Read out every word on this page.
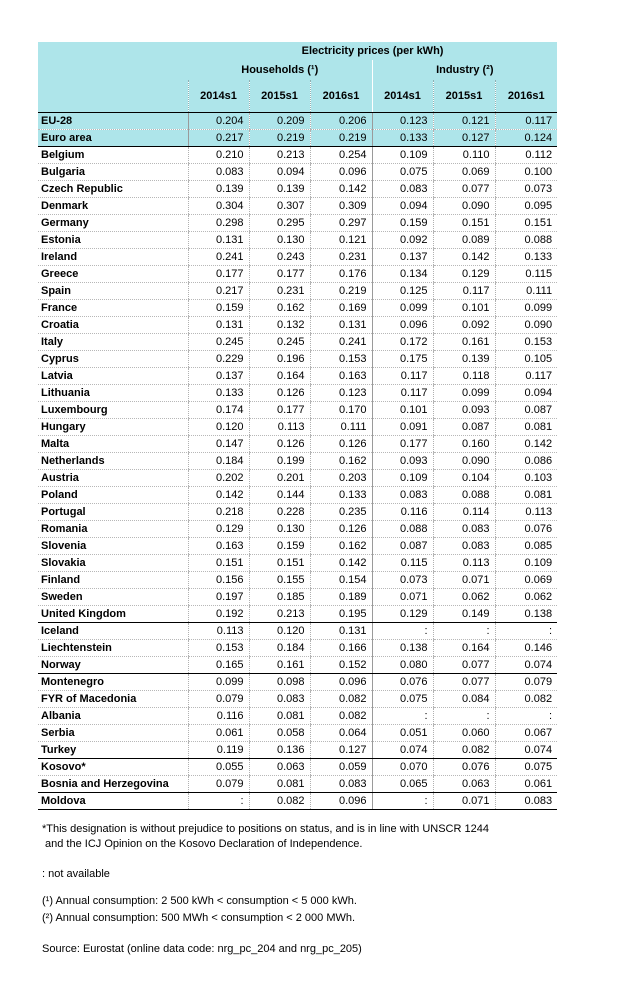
	Electricity prices (per kWh)					
	Households (¹)			Industry (²)		
	2014s1	2015s1	2016s1	2014s1	2015s1	2016s1
EU-28	0.204	0.209	0.206	0.123	0.121	0.117
Euro area	0.217	0.219	0.219	0.133	0.127	0.124
Belgium	0.210	0.213	0.254	0.109	0.110	0.112
Bulgaria	0.083	0.094	0.096	0.075	0.069	0.100
Czech Republic	0.139	0.139	0.142	0.083	0.077	0.073
Denmark	0.304	0.307	0.309	0.094	0.090	0.095
Germany	0.298	0.295	0.297	0.159	0.151	0.151
Estonia	0.131	0.130	0.121	0.092	0.089	0.088
Ireland	0.241	0.243	0.231	0.137	0.142	0.133
Greece	0.177	0.177	0.176	0.134	0.129	0.115
Spain	0.217	0.231	0.219	0.125	0.117	0.111
France	0.159	0.162	0.169	0.099	0.101	0.099
Croatia	0.131	0.132	0.131	0.096	0.092	0.090
Italy	0.245	0.245	0.241	0.172	0.161	0.153
Cyprus	0.229	0.196	0.153	0.175	0.139	0.105
Latvia	0.137	0.164	0.163	0.117	0.118	0.117
Lithuania	0.133	0.126	0.123	0.117	0.099	0.094
Luxembourg	0.174	0.177	0.170	0.101	0.093	0.087
Hungary	0.120	0.113	0.111	0.091	0.087	0.081
Malta	0.147	0.126	0.126	0.177	0.160	0.142
Netherlands	0.184	0.199	0.162	0.093	0.090	0.086
Austria	0.202	0.201	0.203	0.109	0.104	0.103
Poland	0.142	0.144	0.133	0.083	0.088	0.081
Portugal	0.218	0.228	0.235	0.116	0.114	0.113
Romania	0.129	0.130	0.126	0.088	0.083	0.076
Slovenia	0.163	0.159	0.162	0.087	0.083	0.085
Slovakia	0.151	0.151	0.142	0.115	0.113	0.109
Finland	0.156	0.155	0.154	0.073	0.071	0.069
Sweden	0.197	0.185	0.189	0.071	0.062	0.062
United Kingdom	0.192	0.213	0.195	0.129	0.149	0.138
Iceland	0.113	0.120	0.131	:	:	:
Liechtenstein	0.153	0.184	0.166	0.138	0.164	0.146
Norway	0.165	0.161	0.152	0.080	0.077	0.074
Montenegro	0.099	0.098	0.096	0.076	0.077	0.079
FYR of Macedonia	0.079	0.083	0.082	0.075	0.084	0.082
Albania	0.116	0.081	0.082	:	:	:
Serbia	0.061	0.058	0.064	0.051	0.060	0.067
Turkey	0.119	0.136	0.127	0.074	0.082	0.074
Kosovo*	0.055	0.063	0.059	0.070	0.076	0.075
Bosnia and Herzegovina	0.079	0.081	0.083	0.065	0.063	0.061
Moldova	:	0.082	0.096	:	0.071	0.083

*This designation is without prejudice to positions on status, and is in line with UNSCR 1244

and the ICJ Opinion on the Kosovo Declaration of Independence.

: not available

(¹) Annual consumption: 2 500 kWh < consumption < 5 000 kWh.

(²) Annual consumption: 500 MWh < consumption < 2 000 MWh.

Source: Eurostat (online data code: nrg_pc_204 and nrg_pc_205)
